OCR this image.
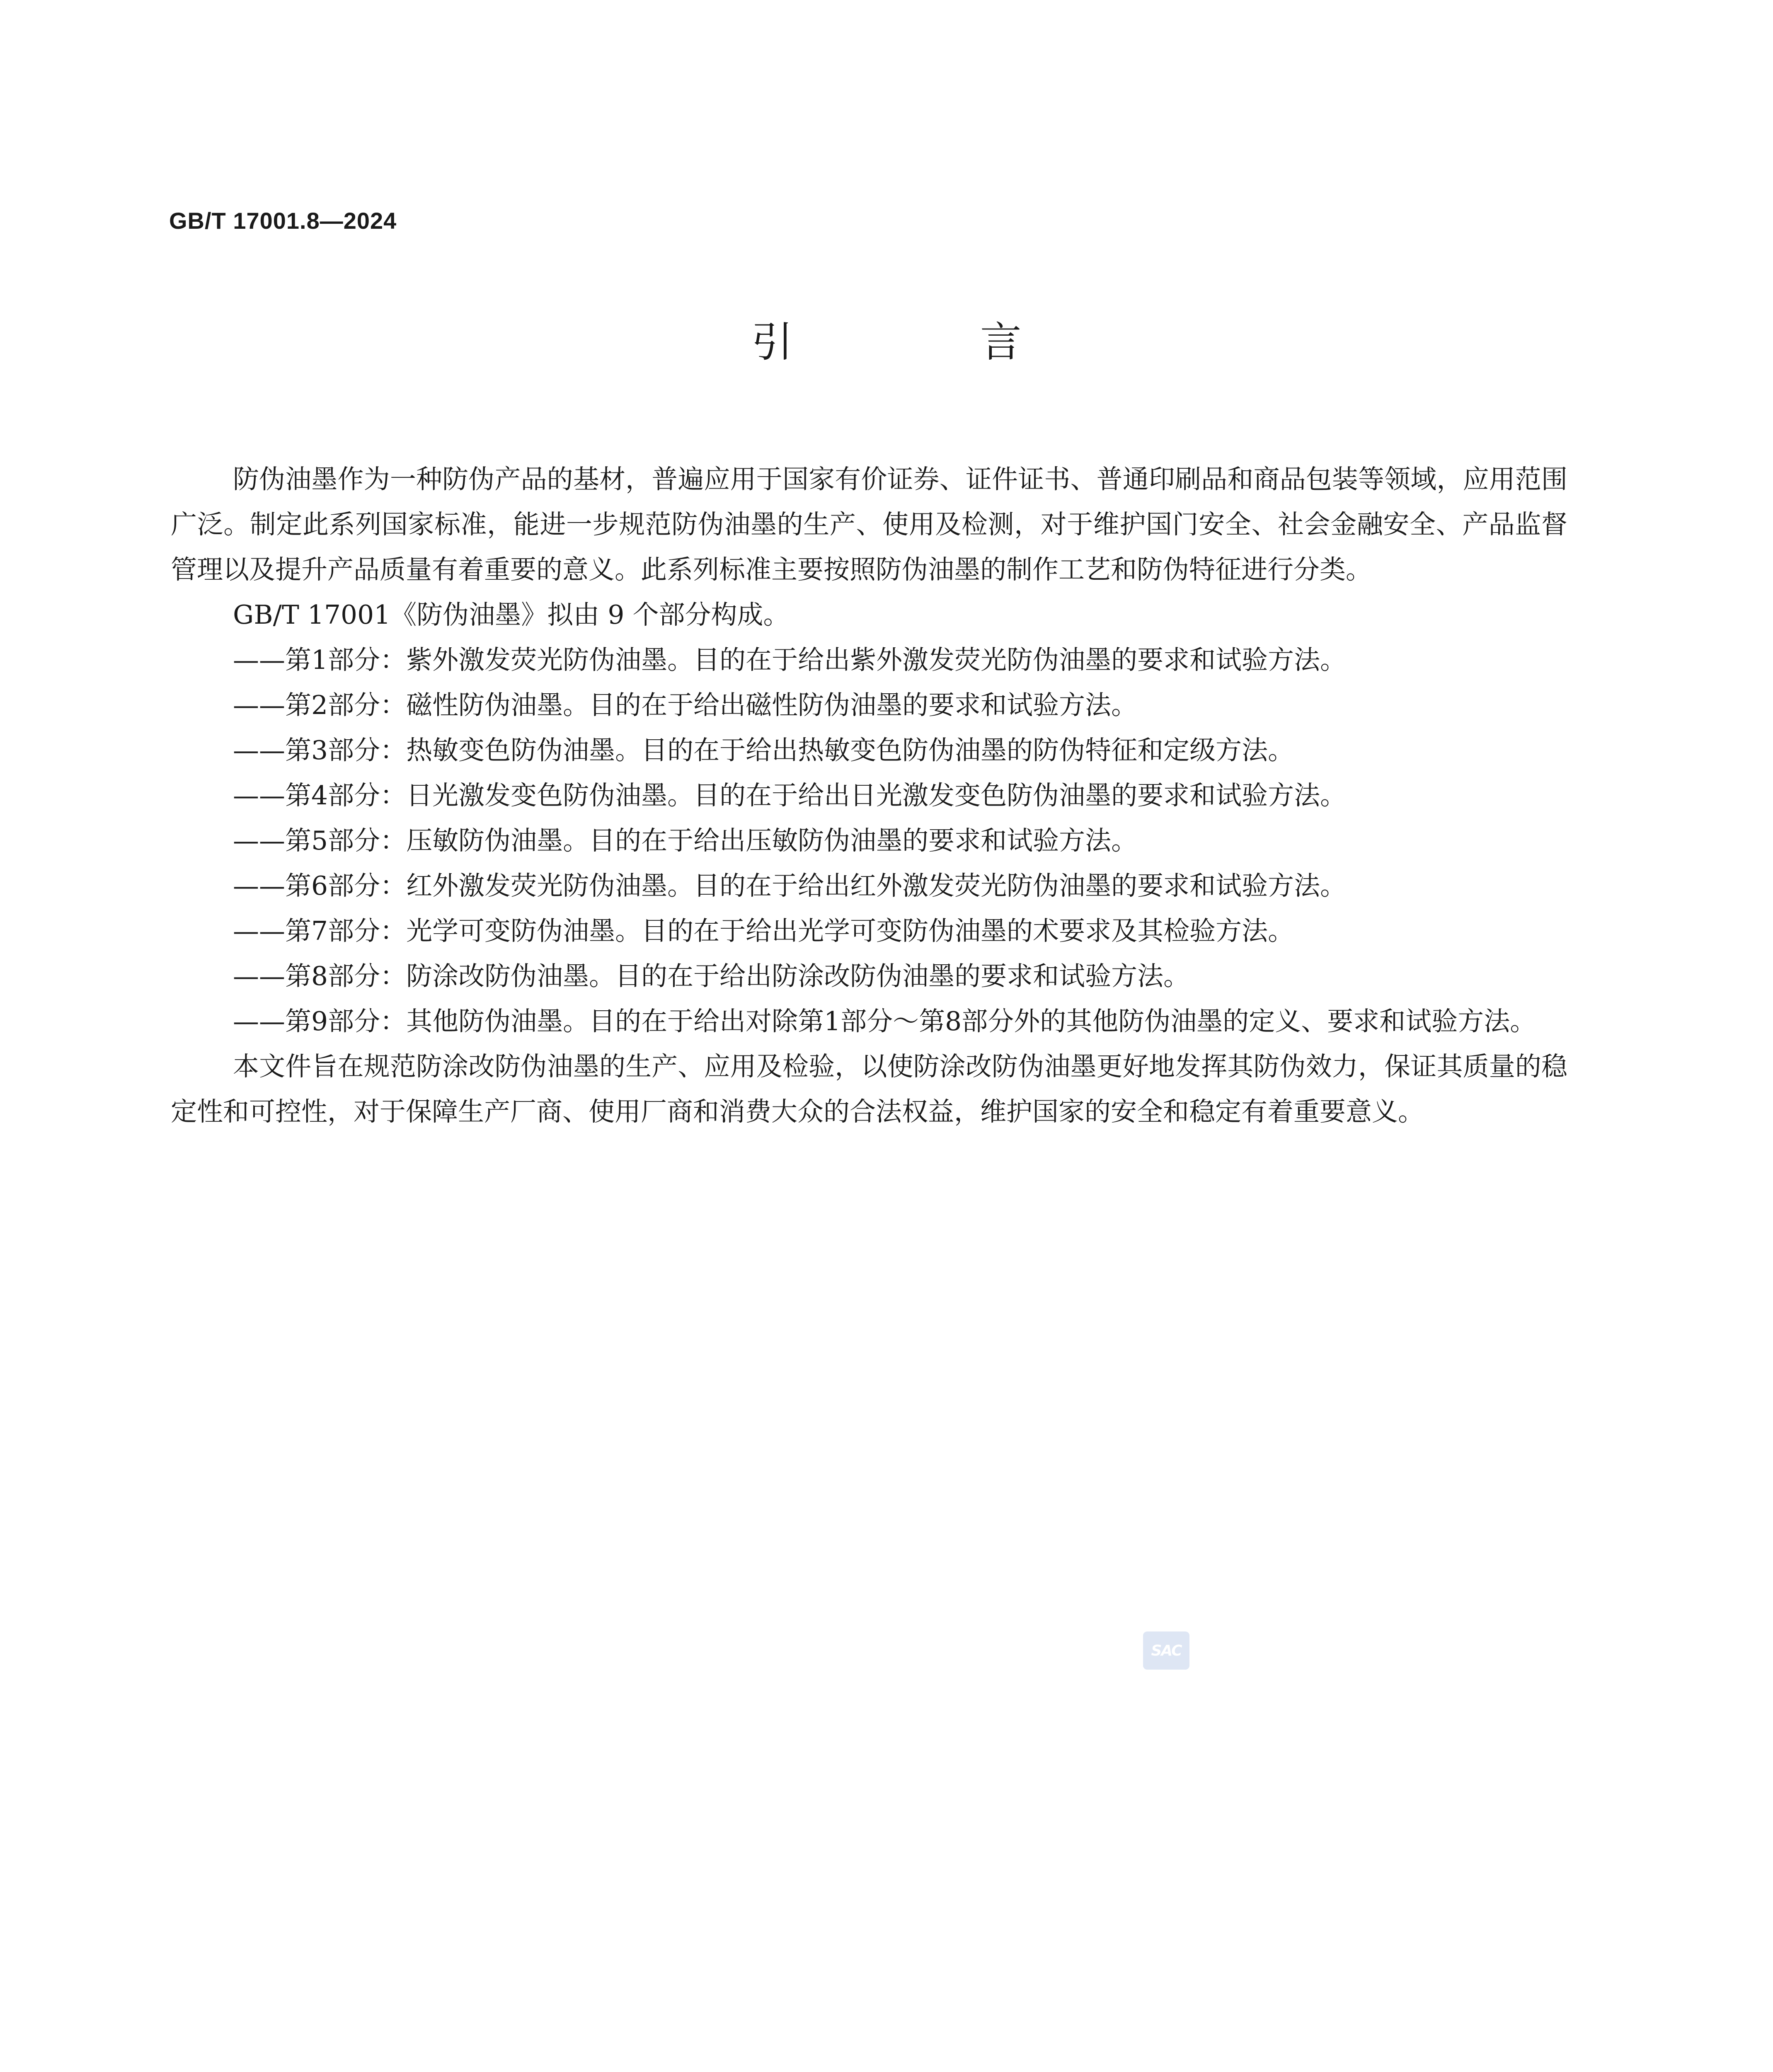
GB/T 17001.8—2024
引 言

防伪油墨作为一种防伪产品的基材，普遍应用于国家有价证券、证件证书、普通印刷品和商品包装等领域，应用范围广泛。制定此系列国家标准，能进一步规范防伪油墨的生产、使用及检测，对于维护国门安全、社会金融安全、产品监督管理以及提升产品质量有着重要的意义。此系列标准主要按照防伪油墨的制作工艺和防伪特征进行分类。

GB/T 17001《防伪油墨》拟由 9 个部分构成。

——第1部分：紫外激发荧光防伪油墨。目的在于给出紫外激发荧光防伪油墨的要求和试验方法。
——第2部分：磁性防伪油墨。目的在于给出磁性防伪油墨的要求和试验方法。
——第3部分：热敏变色防伪油墨。目的在于给出热敏变色防伪油墨的防伪特征和定级方法。
——第4部分：日光激发变色防伪油墨。目的在于给出日光激发变色防伪油墨的要求和试验方法。
——第5部分：压敏防伪油墨。目的在于给出压敏防伪油墨的要求和试验方法。
——第6部分：红外激发荧光防伪油墨。目的在于给出红外激发荧光防伪油墨的要求和试验方法。
——第7部分：光学可变防伪油墨。目的在于给出光学可变防伪油墨的术要求及其检验方法。
——第8部分：防涂改防伪油墨。目的在于给出防涂改防伪油墨的要求和试验方法。
——第9部分：其他防伪油墨。目的在于给出对除第1部分～第8部分外的其他防伪油墨的定义、要求和试验方法。

本文件旨在规范防涂改防伪油墨的生产、应用及检验，以使防涂改防伪油墨更好地发挥其防伪效力，保证其质量的稳定性和可控性，对于保障生产厂商、使用厂商和消费大众的合法权益，维护国家的安全和稳定有着重要意义。

SAC
